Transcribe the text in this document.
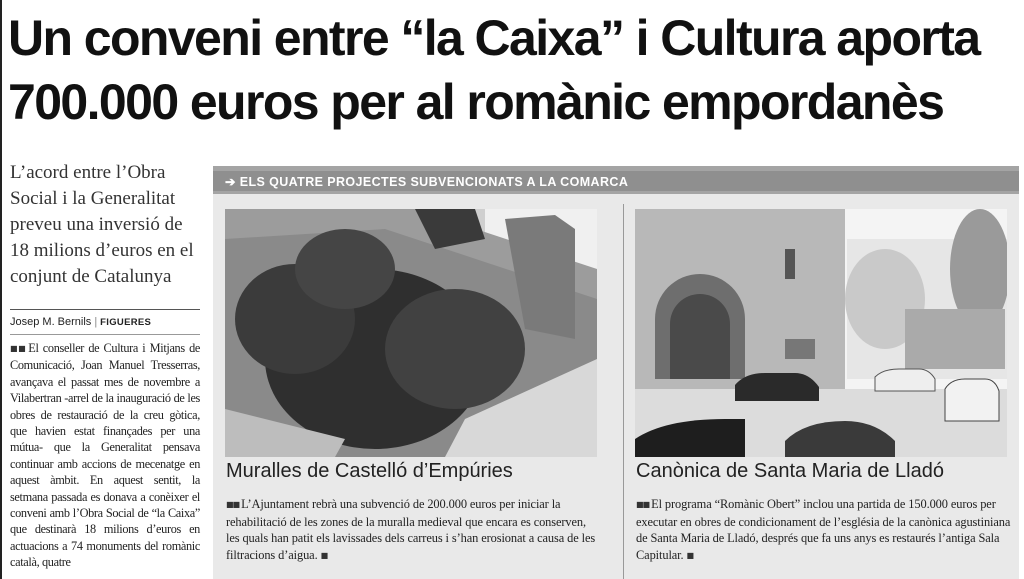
Un conveni entre “la Caixa” i Cultura aporta 700.000 euros per al romànic empordanès
L’acord entre l’Obra Social i la Generalitat preveu una inversió de 18 milions d’euros en el conjunt de Catalunya
Josep M. Bernils | FIGUERES
■■ El conseller de Cultura i Mitjans de Comunicació, Joan Manuel Tresserras, avançava el passat mes de novembre a Vilabertran -arrel de la inauguració de les obres de restauració de la creu gòtica, que havien estat finançades per una mútua- que la Generalitat pensava continuar amb accions de mecenatge en aquest àmbit. En aquest sentit, la setmana passada es donava a conèixer el conveni amb l’Obra Social de “la Caixa” que destinarà 18 milions d’euros en actuacions a 74 monuments del romànic català, quatre
➔ ELS QUATRE PROJECTES SUBVENCIONATS A LA COMARCA
Muralles de Castelló d’Empúries	Canònica de Santa Maria de Lladó
■■ L’Ajuntament rebrà una subvenció de 200.000 euros per iniciar la rehabilitació de les zones de la muralla medieval que encara es conserven, les quals han patit els lavissades dels carreus i s’han erosionat a causa de les filtracions d’aigua. ■
■■ El programa “Romànic Obert” inclou una partida de 150.000 euros per executar en obres de condicionament de l’església de la canònica agustiniana de Santa Maria de Lladó, després que fa uns anys es restaurés l’antiga Sala Capitular. ■
